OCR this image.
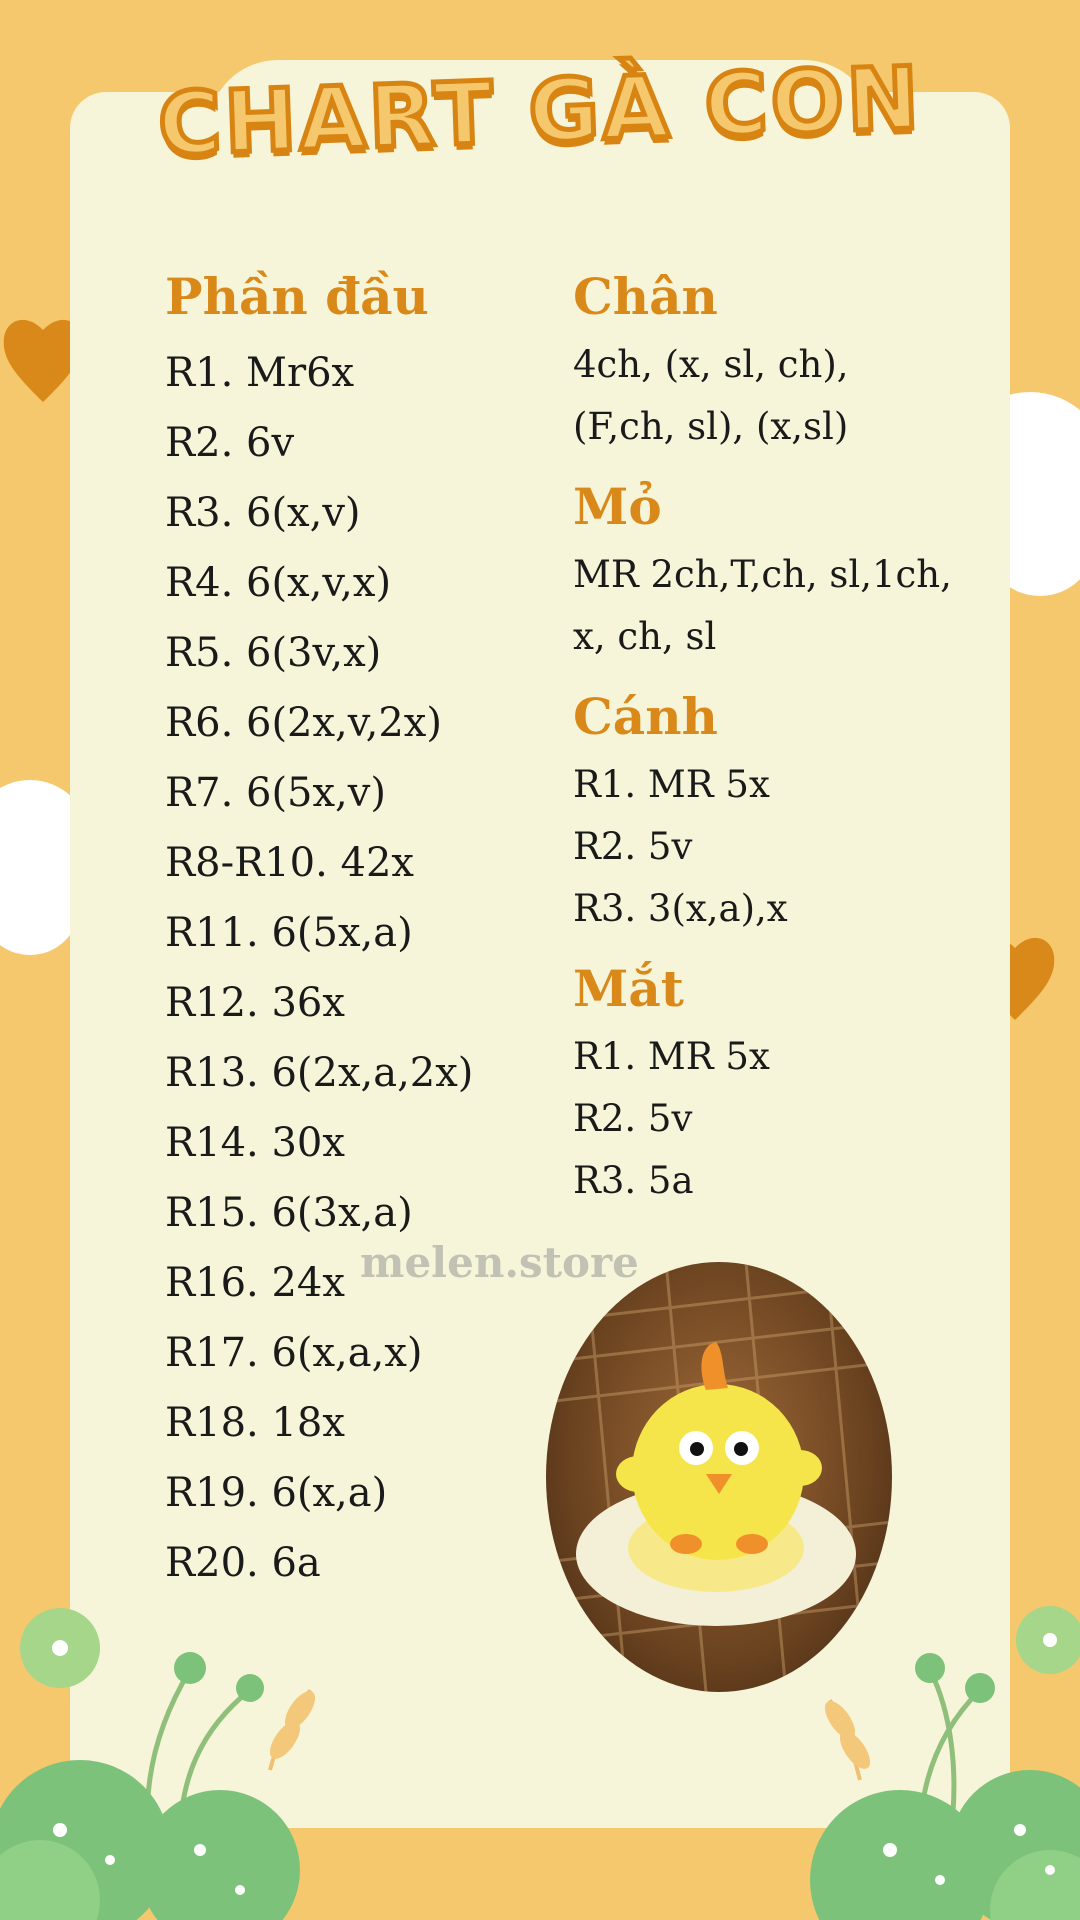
CHART GÀ CON

Phần đầu

R1. Mr6x

R2. 6v

R3. 6(x,v)

R4. 6(x,v,x)

R5. 6(3v,x)

R6. 6(2x,v,2x)

R7. 6(5x,v)

R8-R10. 42x

R11. 6(5x,a)

R12. 36x

R13. 6(2x,a,2x)

R14. 30x

R15. 6(3x,a)

R16. 24x

R17. 6(x,a,x)

R18. 18x

R19. 6(x,a)

R20. 6a

Chân

4ch, (x, sl, ch),

(F,ch, sl), (x,sl)

Mỏ

MR 2ch,T,ch, sl,1ch,

x, ch, sl

Cánh

R1. MR 5x

R2. 5v

R3. 3(x,a),x

Mắt

R1. MR 5x

R2. 5v

R3. 5a

melen.store
